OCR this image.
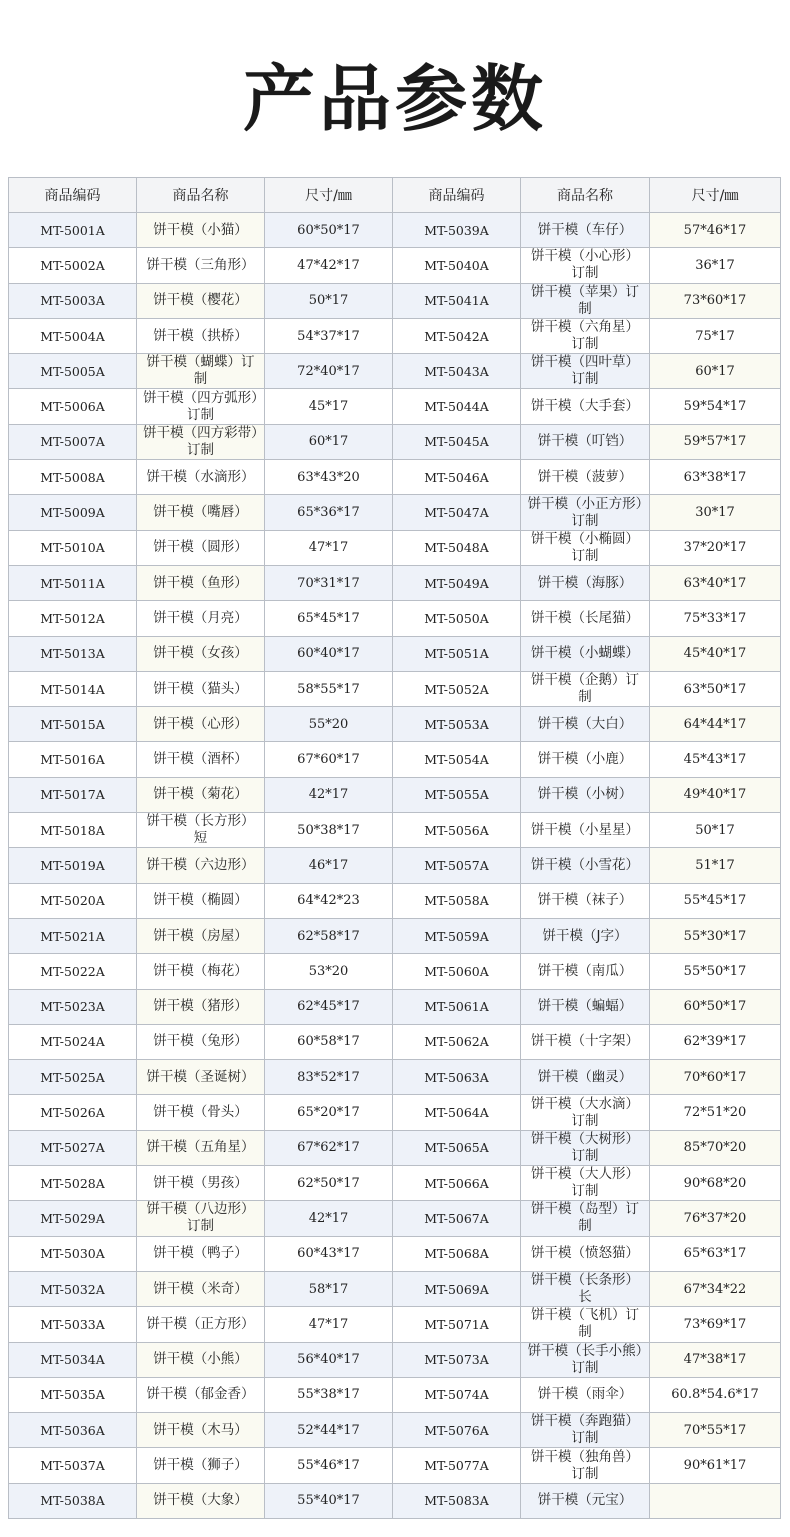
产品参数
商品编码	商品名称	尺寸/㎜	商品编码	商品名称	尺寸/㎜
MT-5001A	饼干模（小猫）	60*50*17	MT-5039A	饼干模（车仔）	57*46*17
MT-5002A	饼干模（三角形）	47*42*17	MT-5040A	饼干模（小心形）订制	36*17
MT-5003A	饼干模（樱花）	50*17	MT-5041A	饼干模（苹果）订制	73*60*17
MT-5004A	饼干模（拱桥）	54*37*17	MT-5042A	饼干模（六角星）订制	75*17
MT-5005A	饼干模（蝴蝶）订制	72*40*17	MT-5043A	饼干模（四叶草）订制	60*17
MT-5006A	饼干模（四方弧形）订制	45*17	MT-5044A	饼干模（大手套）	59*54*17
MT-5007A	饼干模（四方彩带）订制	60*17	MT-5045A	饼干模（叮铛）	59*57*17
MT-5008A	饼干模（水滴形）	63*43*20	MT-5046A	饼干模（菠萝）	63*38*17
MT-5009A	饼干模（嘴唇）	65*36*17	MT-5047A	饼干模（小正方形）订制	30*17
MT-5010A	饼干模（圆形）	47*17	MT-5048A	饼干模（小椭圆）订制	37*20*17
MT-5011A	饼干模（鱼形）	70*31*17	MT-5049A	饼干模（海豚）	63*40*17
MT-5012A	饼干模（月亮）	65*45*17	MT-5050A	饼干模（长尾猫）	75*33*17
MT-5013A	饼干模（女孩）	60*40*17	MT-5051A	饼干模（小蝴蝶）	45*40*17
MT-5014A	饼干模（猫头）	58*55*17	MT-5052A	饼干模（企鹅）订制	63*50*17
MT-5015A	饼干模（心形）	55*20	MT-5053A	饼干模（大白）	64*44*17
MT-5016A	饼干模（酒杯）	67*60*17	MT-5054A	饼干模（小鹿）	45*43*17
MT-5017A	饼干模（菊花）	42*17	MT-5055A	饼干模（小树）	49*40*17
MT-5018A	饼干模（长方形）短	50*38*17	MT-5056A	饼干模（小星星）	50*17
MT-5019A	饼干模（六边形）	46*17	MT-5057A	饼干模（小雪花）	51*17
MT-5020A	饼干模（椭圆）	64*42*23	MT-5058A	饼干模（袜子）	55*45*17
MT-5021A	饼干模（房屋）	62*58*17	MT-5059A	饼干模（J字）	55*30*17
MT-5022A	饼干模（梅花）	53*20	MT-5060A	饼干模（南瓜）	55*50*17
MT-5023A	饼干模（猪形）	62*45*17	MT-5061A	饼干模（蝙蝠）	60*50*17
MT-5024A	饼干模（兔形）	60*58*17	MT-5062A	饼干模（十字架）	62*39*17
MT-5025A	饼干模（圣诞树）	83*52*17	MT-5063A	饼干模（幽灵）	70*60*17
MT-5026A	饼干模（骨头）	65*20*17	MT-5064A	饼干模（大水滴）订制	72*51*20
MT-5027A	饼干模（五角星）	67*62*17	MT-5065A	饼干模（大树形）订制	85*70*20
MT-5028A	饼干模（男孩）	62*50*17	MT-5066A	饼干模（大人形）订制	90*68*20
MT-5029A	饼干模（八边形）订制	42*17	MT-5067A	饼干模（岛型）订制	76*37*20
MT-5030A	饼干模（鸭子）	60*43*17	MT-5068A	饼干模（愤怒猫）	65*63*17
MT-5032A	饼干模（米奇）	58*17	MT-5069A	饼干模（长条形）长	67*34*22
MT-5033A	饼干模（正方形）	47*17	MT-5071A	饼干模（飞机）订制	73*69*17
MT-5034A	饼干模（小熊）	56*40*17	MT-5073A	饼干模（长手小熊）订制	47*38*17
MT-5035A	饼干模（郁金香）	55*38*17	MT-5074A	饼干模（雨伞）	60.8*54.6*17
MT-5036A	饼干模（木马）	52*44*17	MT-5076A	饼干模（奔跑猫）订制	70*55*17
MT-5037A	饼干模（狮子）	55*46*17	MT-5077A	饼干模（独角兽）订制	90*61*17
MT-5038A	饼干模（大象）	55*40*17	MT-5083A	饼干模（元宝）	
